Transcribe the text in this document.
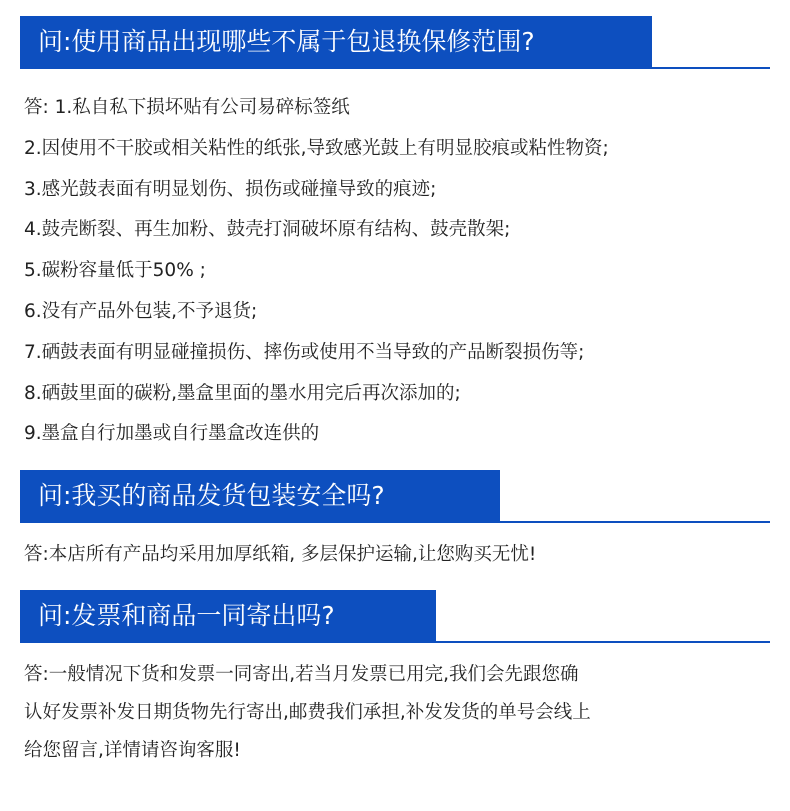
问:使用商品出现哪些不属于包退换保修范围?
答: 1.私自私下损坏贴有公司易碎标签纸
2.因使用不干胶或相关粘性的纸张,导致感光鼓上有明显胶痕或粘性物资;
3.感光鼓表面有明显划伤、损伤或碰撞导致的痕迹;
4.鼓壳断裂、再生加粉、鼓壳打洞破坏原有结构、鼓壳散架;
5.碳粉容量低于50% ;
6.没有产品外包装,不予退货;
7.硒鼓表面有明显碰撞损伤、摔伤或使用不当导致的产品断裂损伤等;
8.硒鼓里面的碳粉,墨盒里面的墨水用完后再次添加的;
9.墨盒自行加墨或自行墨盒改连供的
问:我买的商品发货包装安全吗?
答:本店所有产品均采用加厚纸箱, 多层保护运输,让您购买无忧!
问:发票和商品一同寄出吗?
答:一般情况下货和发票一同寄出,若当月发票已用完,我们会先跟您确
认好发票补发日期货物先行寄出,邮费我们承担,补发发货的单号会线上
给您留言,详情请咨询客服!
